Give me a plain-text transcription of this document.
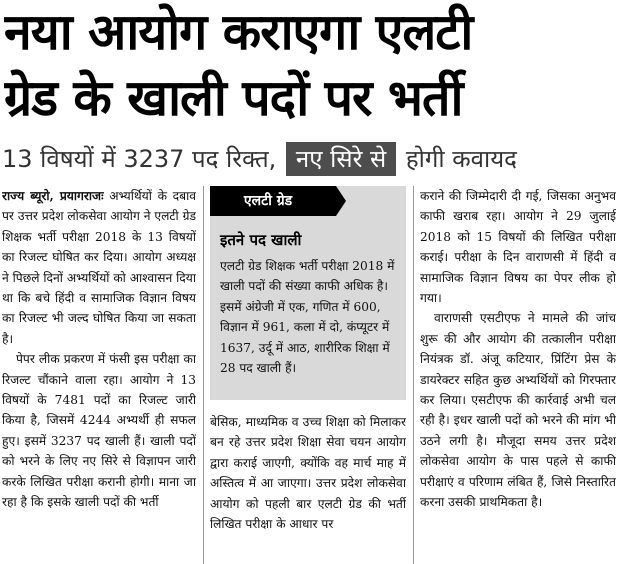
नया आयोग कराएगा एलटी
ग्रेड के खाली पदों पर भर्ती
13 विषयों में 3237 पद रिक्त, नए सिरे से होगी कवायद

राज्य ब्यूरो, प्रयागराजः अभ्यर्थियों के दबाव पर उत्तर प्रदेश लोकसेवा आयोग ने एलटी ग्रेड शिक्षक भर्ती परीक्षा 2018 के 13 विषयों का रिजल्ट घोषित कर दिया। आयोग अध्यक्ष ने पिछले दिनों अभ्यर्थियों को आश्वासन दिया था कि बचे हिंदी व सामाजिक विज्ञान विषय का रिजल्ट भी जल्द घोषित किया जा सकता है।

पेपर लीक प्रकरण में फंसी इस परीक्षा का रिजल्ट चौंकाने वाला रहा। आयोग ने 13 विषयों के 7481 पदों का रिजल्ट जारी किया है, जिसमें 4244 अभ्यर्थी ही सफल हुए। इसमें 3237 पद खाली हैं। खाली पदों को भरने के लिए नए सिरे से विज्ञापन जारी करके लिखित परीक्षा करानी होगी। माना जा रहा है कि इसके खाली पदों की भर्ती

एलटी ग्रेड
इतने पद खाली
एलटी ग्रेड शिक्षक भर्ती परीक्षा 2018 में खाली पदों की संख्या काफी अधिक है। इसमें अंग्रेजी में एक, गणित में 600, विज्ञान में 961, कला में दो, कंप्यूटर में 1637, उर्दू में आठ, शारीरिक शिक्षा में 28 पद खाली हैं।

बेसिक, माध्यमिक व उच्च शिक्षा को मिलाकर बन रहे उत्तर प्रदेश शिक्षा सेवा चयन आयोग द्वारा कराई जाएगी, क्योंकि वह मार्च माह में अस्तित्व में आ जाएगा। उत्तर प्रदेश लोकसेवा आयोग को पहली बार एलटी ग्रेड की भर्ती लिखित परीक्षा के आधार पर

कराने की जिम्मेदारी दी गई, जिसका अनुभव काफी खराब रहा। आयोग ने 29 जुलाई 2018 को 15 विषयों की लिखित परीक्षा कराई। परीक्षा के दिन वाराणसी में हिंदी व सामाजिक विज्ञान विषय का पेपर लीक हो गया।

वाराणसी एसटीएफ ने मामले की जांच शुरू की और आयोग की तत्कालीन परीक्षा नियंत्रक डॉ. अंजू कटियार, प्रिंटिंग प्रेस के डायरेक्टर सहित कुछ अभ्यर्थियों को गिरफ्तार कर लिया। एसटीएफ की कार्रवाई अभी चल रही है। इधर खाली पदों को भरने की मांग भी उठने लगी है। मौजूदा समय उत्तर प्रदेश लोकसेवा आयोग के पास पहले से काफी परीक्षाएं व परिणाम लंबित हैं, जिसे निस्तारित करना उसकी प्राथमिकता है।
